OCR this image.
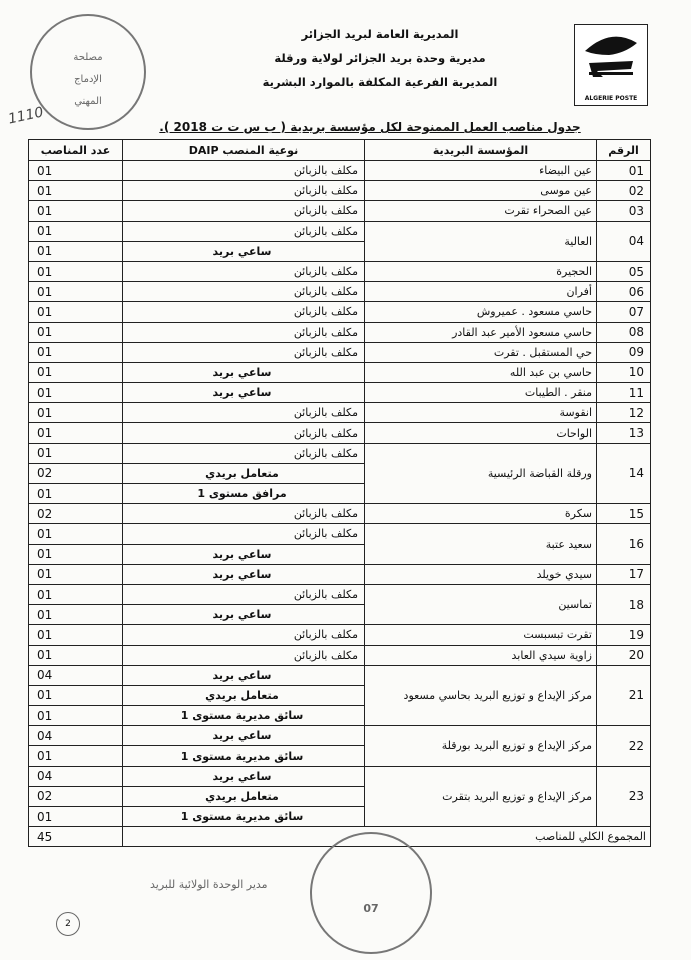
مصلحة
الإدماج
المهني
1110
المديرية العامة لبريد الجزائر
مديرية وحدة بريد الجزائر لولاية ورقلة
المديرية الفرعية المكلفة بالموارد البشرية
ALGERIE POSTE
جدول مناصب العمل الممنوحة لكل مؤسسة بريدية ( ب س ت ت 2018 ).
الرقم	المؤسسة البريدية	نوعية المنصب DAIP	عدد المناصب
01	عين البيضاء	مكلف بالزبائن	01
02	عين موسى	مكلف بالزبائن	01
03	عين الصحراء تقرت	مكلف بالزبائن	01
04	العالية	مكلف بالزبائن	01
		ساعي بريد	01
05	الحجيرة	مكلف بالزبائن	01
06	أفران	مكلف بالزبائن	01
07	حاسي مسعود . عميروش	مكلف بالزبائن	01
08	حاسي مسعود الأمير عبد القادر	مكلف بالزبائن	01
09	حي المستقبل . تقرت	مكلف بالزبائن	01
10	حاسي بن عبد الله	ساعي بريد	01
11	منقر . الطيبات	ساعي بريد	01
12	انقوسة	مكلف بالزبائن	01
13	الواحات	مكلف بالزبائن	01
14	ورقلة القباضة الرئيسية	مكلف بالزبائن	01
		متعامل بريدي	02
		مرافق مستوى 1	01
15	سكرة	مكلف بالزبائن	02
16	سعيد عتبة	مكلف بالزبائن	01
		ساعي بريد	01
17	سيدي خويلد	ساعي بريد	01
18	تماسين	مكلف بالزبائن	01
		ساعي بريد	01
19	تقرت تبسبست	مكلف بالزبائن	01
20	زاوية سيدي العابد	مكلف بالزبائن	01
21	مركز الإيداع و توزيع البريد بحاسي مسعود	ساعي بريد	04
		متعامل بريدي	01
		سائق مديرية مستوى 1	01
22	مركز الإيداع و توزيع البريد بورقلة	ساعي بريد	04
		سائق مديرية مستوى 1	01
23	مركز الإيداع و توزيع البريد بتقرت	ساعي بريد	04
		متعامل بريدي	02
		سائق مديرية مستوى 1	01
المجموع الكلي للمناصب			45
07
مدير الوحدة الولائية للبريد
2
